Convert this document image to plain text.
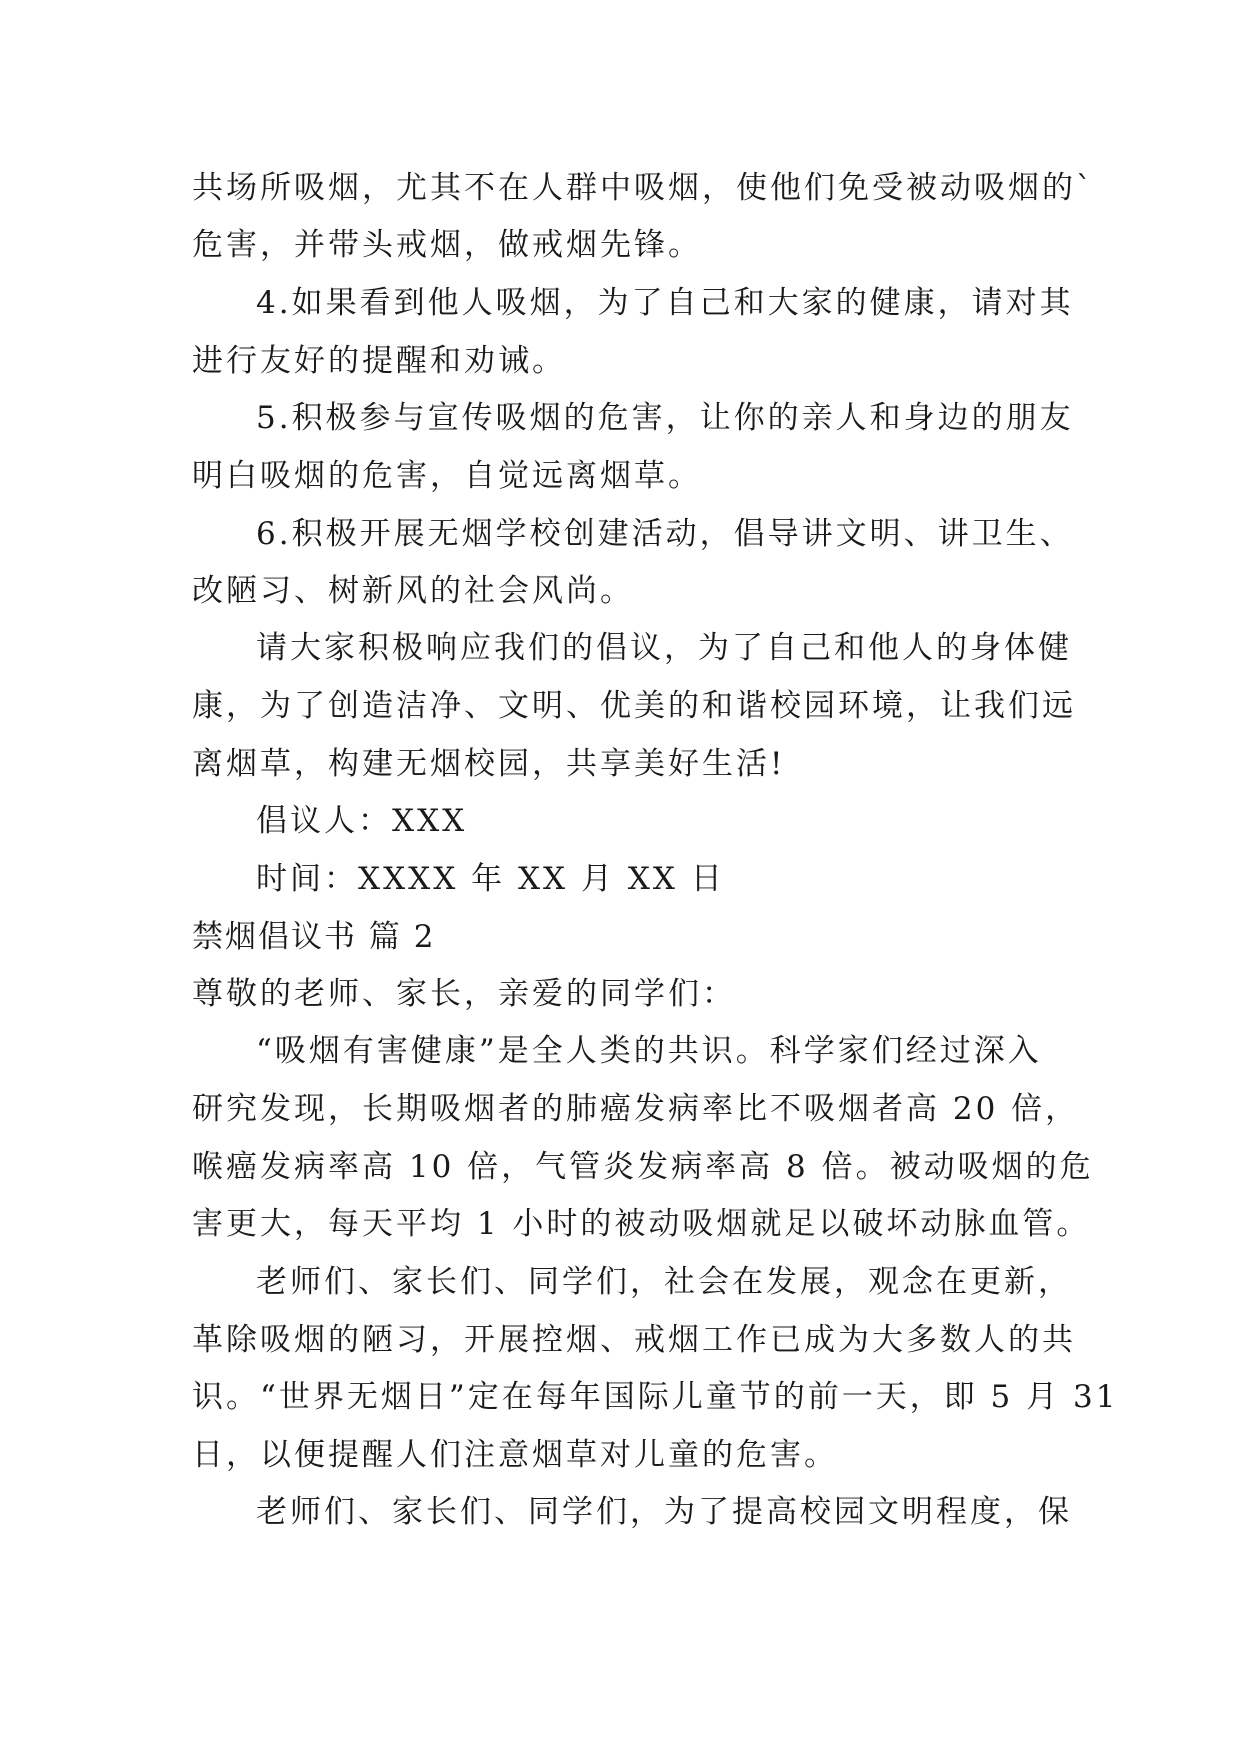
共场所吸烟，尤其不在人群中吸烟，使他们免受被动吸烟的`
危害，并带头戒烟，做戒烟先锋。
4.如果看到他人吸烟，为了自己和大家的健康，请对其
进行友好的提醒和劝诫。
5.积极参与宣传吸烟的危害，让你的亲人和身边的朋友
明白吸烟的危害，自觉远离烟草。
6.积极开展无烟学校创建活动，倡导讲文明、讲卫生、
改陋习、树新风的社会风尚。
请大家积极响应我们的倡议，为了自己和他人的身体健
康，为了创造洁净、文明、优美的和谐校园环境，让我们远
离烟草，构建无烟校园，共享美好生活!
倡议人：XXX
时间：XXXX 年 XX 月 XX 日
禁烟倡议书 篇 2
尊敬的老师、家长，亲爱的同学们：
“吸烟有害健康”是全人类的共识。科学家们经过深入
研究发现，长期吸烟者的肺癌发病率比不吸烟者高 20 倍，
喉癌发病率高 10 倍，气管炎发病率高 8 倍。被动吸烟的危
害更大，每天平均 1 小时的被动吸烟就足以破坏动脉血管。
老师们、家长们、同学们，社会在发展，观念在更新，
革除吸烟的陋习，开展控烟、戒烟工作已成为大多数人的共
识。“世界无烟日”定在每年国际儿童节的前一天，即 5 月 31
日，以便提醒人们注意烟草对儿童的危害。
老师们、家长们、同学们，为了提高校园文明程度，保
